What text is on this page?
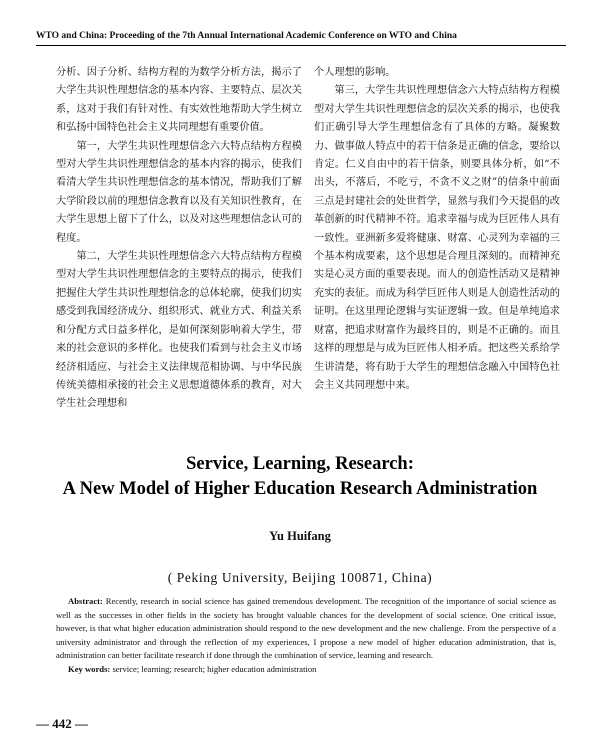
WTO and China: Proceeding of the 7th Annual International Academic Conference on WTO and China

分析、因子分析、结构方程的为数学分析方法，揭示了大学生共识性理想信念的基本内容、主要特点、层次关系，这对于我们有针对性、有实效性地帮助大学生树立和弘扬中国特色社会主义共同理想有重要价值。

第一，大学生共识性理想信念六大特点结构方程模型对大学生共识性理想信念的基本内容的揭示，使我们看清大学生共识性理想信念的基本情况，帮助我们了解大学阶段以前的理想信念教育以及有关知识性教育，在大学生思想上留下了什么，以及对这些理想信念认可的程度。

第二，大学生共识性理想信念六大特点结构方程模型对大学生共识性理想信念的主要特点的揭示，使我们把握住大学生共识性理想信念的总体轮廓，使我们切实感受到我国经济成分、组织形式、就业方式、利益关系和分配方式日益多样化，是如何深刻影响着大学生，带来的社会意识的多样化。也使我们看到与社会主义市场经济相适应、与社会主义法律规范相协调、与中华民族传统美德相承接的社会主义思想道德体系的教育，对大学生社会理想和

个人理想的影响。

第三，大学生共识性理想信念六大特点结构方程模型对大学生共识性理想信念的层次关系的揭示，也使我们正确引导大学生理想信念有了具体的方略。凝聚数力、做事做人特点中的若干信条是正确的信念，要给以肯定。仁义自由中的若干信条，则要具体分析，如“不出头，不落后，不吃亏，不贪不义之财”的信条中前面三点是封建社会的处世哲学，显然与我们今天提倡的改革创新的时代精神不符。追求幸福与成为巨匠伟人具有一致性。亚洲新多爱将健康、财富、心灵列为幸福的三个基本构成要素，这个思想是合理且深刻的。而精神充实是心灵方面的重要表现。而人的创造性活动又是精神充实的表征。而成为科学巨匠伟人则是人创造性活动的证明。在这里理论逻辑与实证逻辑一致。但是单纯追求财富，把追求财富作为最终目的，则是不正确的。而且这样的理想是与成为巨匠伟人相矛盾。把这些关系给学生讲清楚，将有助于大学生的理想信念融入中国特色社会主义共同理想中来。

Service, Learning, Research:
A New Model of Higher Education Research Administration
Yu Huifang
( Peking University, Beijing 100871, China)

Abstract: Recently, research in social science has gained tremendous development. The recognition of the importance of social science as well as the successes in other fields in the society has brought valuable chances for the development of social science. One critical issue, however, is that what higher education administration should respond to the new development and the new challenge. From the perspective of a university administrator and through the reflection of my experiences, I propose a new model of higher education administration, that is, administration can better facilitate research if done through the combination of service, learning and research.

Key words: service; learning; research; higher education administration

— 442 —
